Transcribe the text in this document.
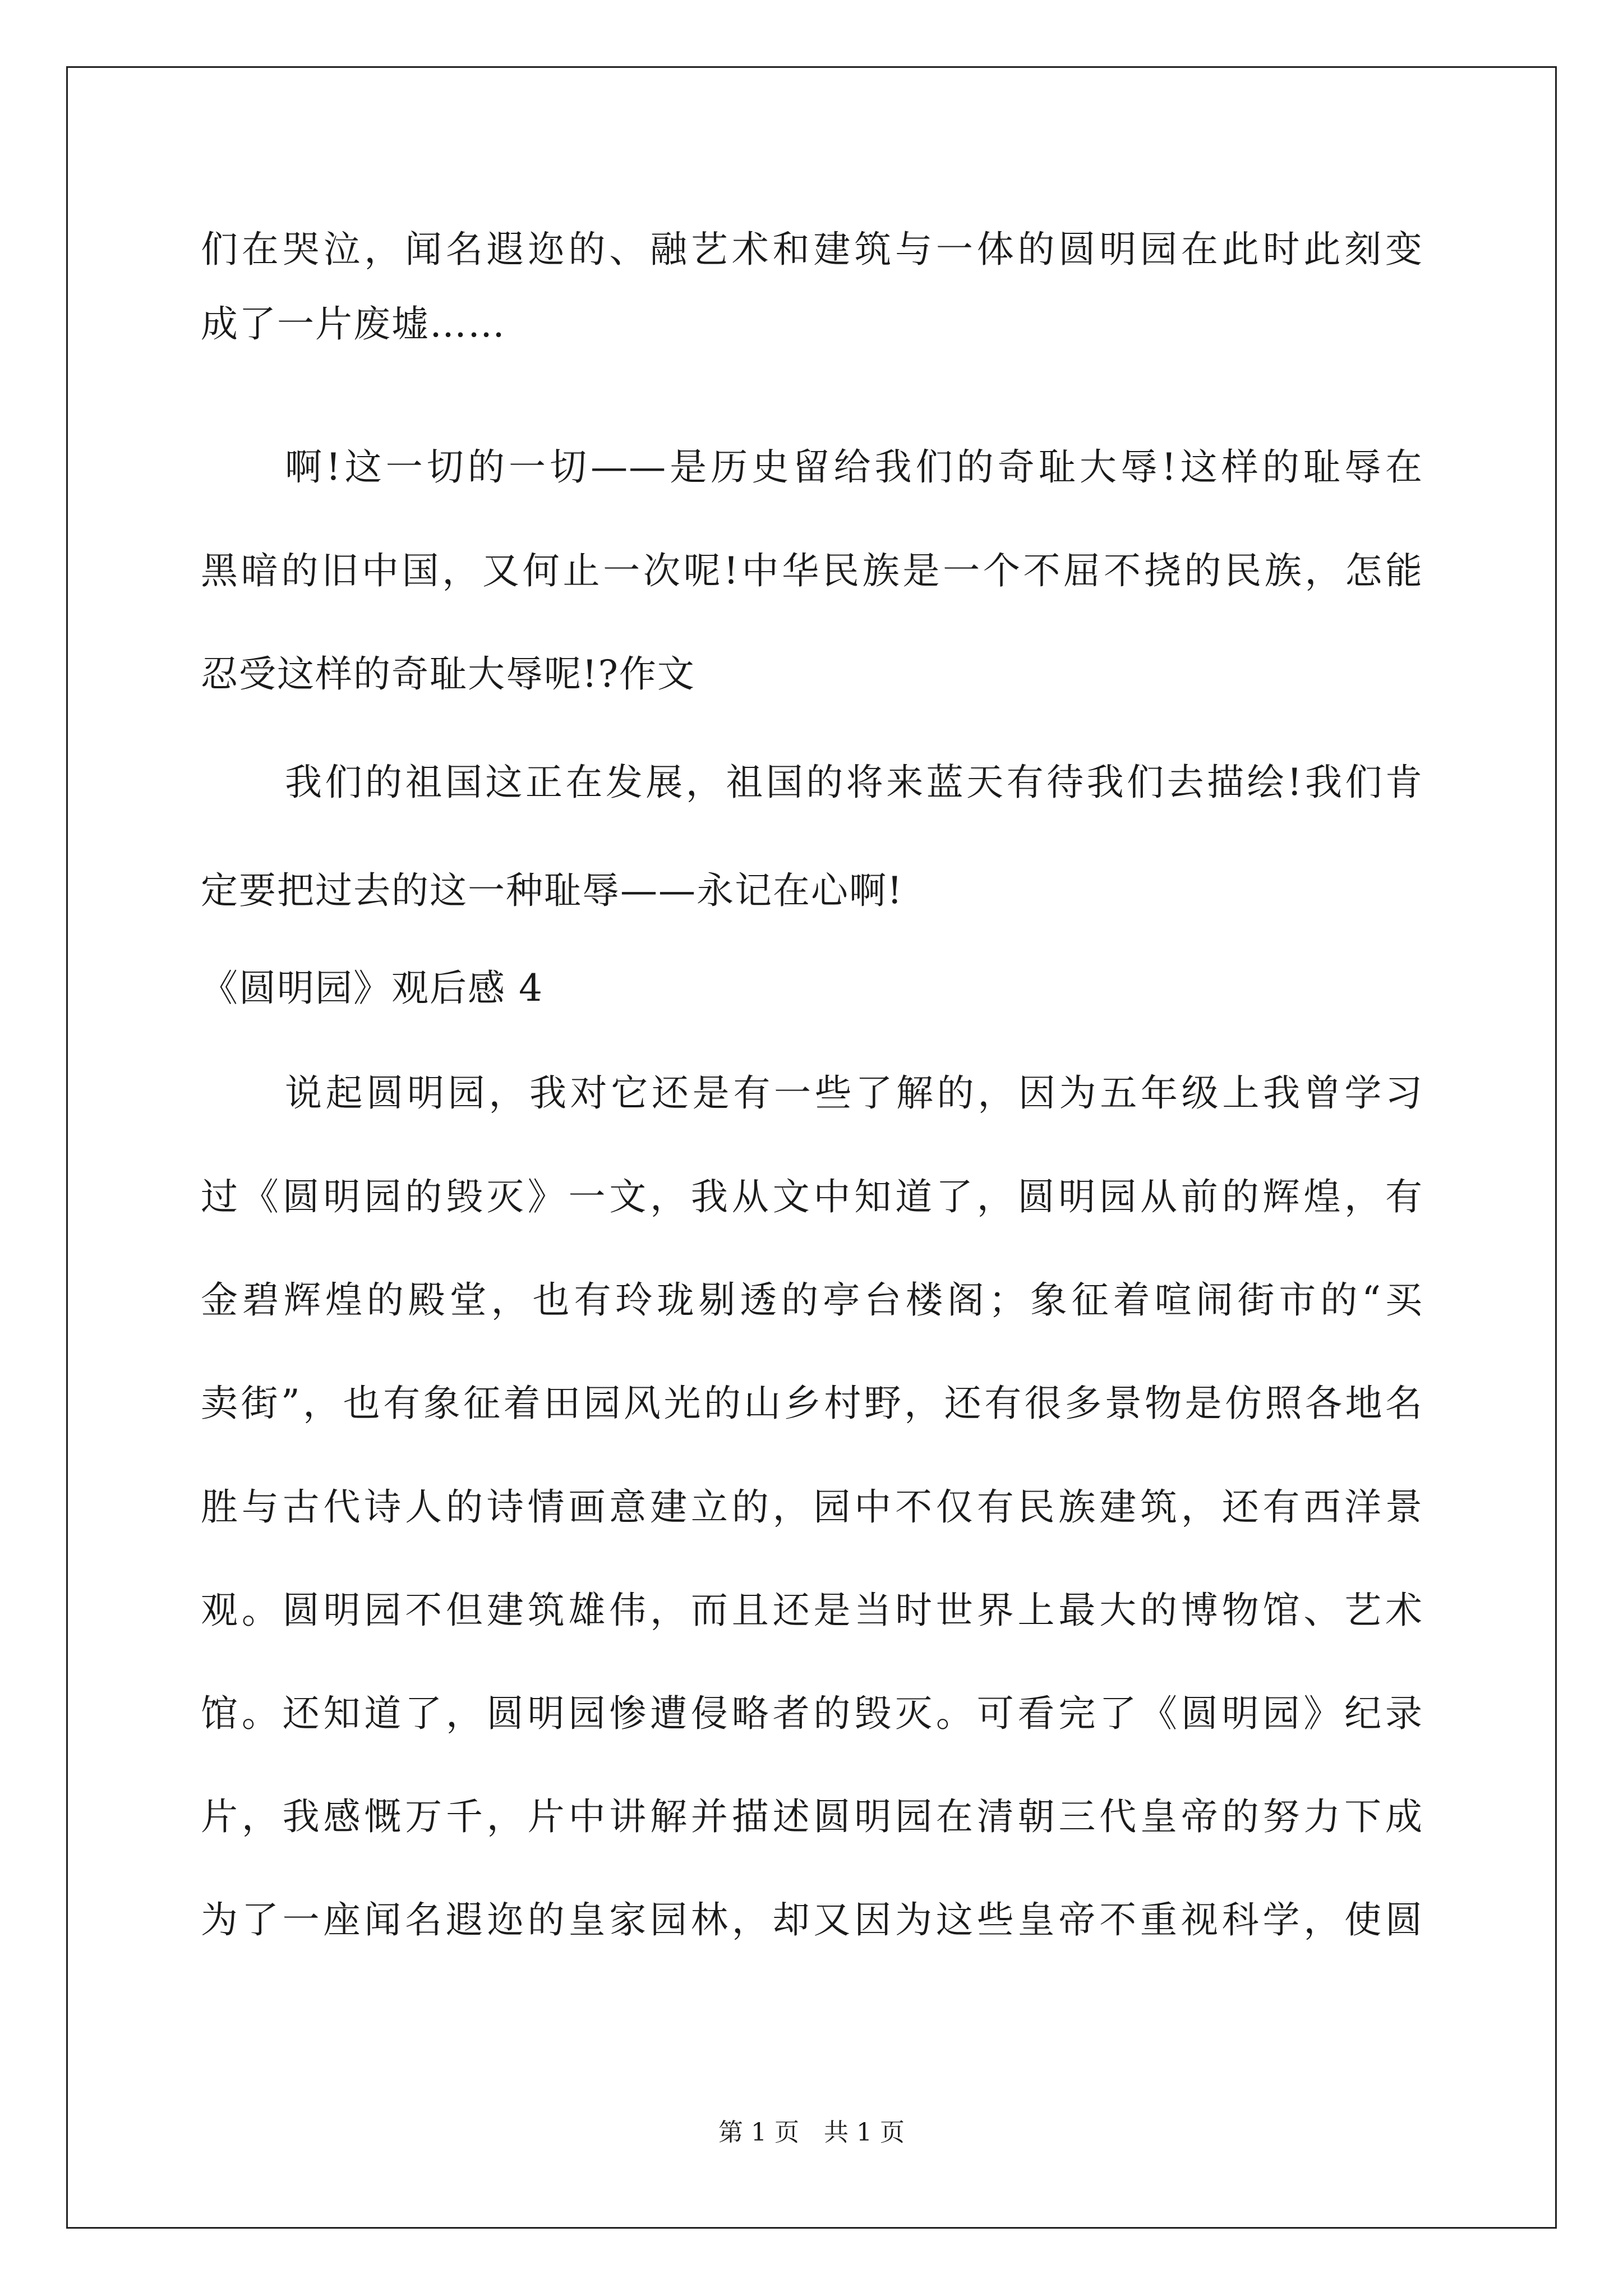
们在哭泣，闻名遐迩的、融艺术和建筑与一体的圆明园在此时此刻变
成了一片废墟……
啊!这一切的一切——是历史留给我们的奇耻大辱!这样的耻辱在
黑暗的旧中国，又何止一次呢!中华民族是一个不屈不挠的民族，怎能
忍受这样的奇耻大辱呢!?作文
我们的祖国这正在发展，祖国的将来蓝天有待我们去描绘!我们肯
定要把过去的这一种耻辱——永记在心啊!
《圆明园》观后感 4
说起圆明园，我对它还是有一些了解的，因为五年级上我曾学习
过《圆明园的毁灭》一文，我从文中知道了，圆明园从前的辉煌，有
金碧辉煌的殿堂，也有玲珑剔透的亭台楼阁；象征着喧闹街市的“买
卖街”，也有象征着田园风光的山乡村野，还有很多景物是仿照各地名
胜与古代诗人的诗情画意建立的，园中不仅有民族建筑，还有西洋景
观。圆明园不但建筑雄伟，而且还是当时世界上最大的博物馆、艺术
馆。还知道了，圆明园惨遭侵略者的毁灭。可看完了《圆明园》纪录
片，我感慨万千，片中讲解并描述圆明园在清朝三代皇帝的努力下成
为了一座闻名遐迩的皇家园林，却又因为这些皇帝不重视科学，使圆
第 1 页　共 1 页
